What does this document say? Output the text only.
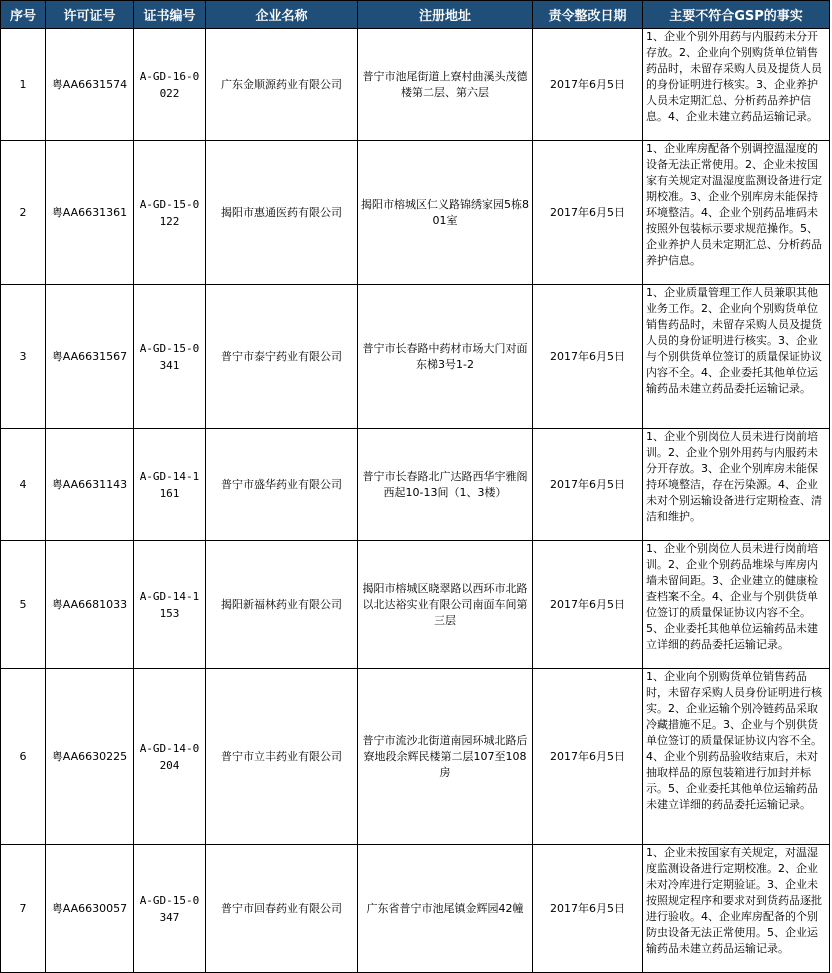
序号	许可证号	证书编号	企业名称	注册地址	责令整改日期	主要不符合GSP的事实
1	粤AA6631574	A-GD-16-0022	广东金顺源药业有限公司	普宁市池尾街道上寮村曲溪头茂德楼第二层、第六层	2017年6月5日	1、企业个别外用药与内服药未分开存放。2、企业向个别购货单位销售药品时，未留存采购人员及提货人员的身份证明进行核实。3、企业养护人员未定期汇总、分析药品养护信息。4、企业未建立药品运输记录。
2	粤AA6631361	A-GD-15-0122	揭阳市惠通医药有限公司	揭阳市榕城区仁义路锦绣家园5栋801室	2017年6月5日	1、企业库房配备个别调控温湿度的设备无法正常使用。2、企业未按国家有关规定对温湿度监测设备进行定期校准。3、企业个别库房未能保持环境整洁。4、企业个别药品堆码未按照外包装标示要求规范操作。5、企业养护人员未定期汇总、分析药品养护信息。
3	粤AA6631567	A-GD-15-0341	普宁市泰宁药业有限公司	普宁市长春路中药材市场大门对面东梯3号1-2	2017年6月5日	1、企业质量管理工作人员兼职其他业务工作。2、企业向个别购货单位销售药品时，未留存采购人员及提货人员的身份证明进行核实。3、企业与个别供货单位签订的质量保证协议内容不全。4、企业委托其他单位运输药品未建立药品委托运输记录。
4	粤AA6631143	A-GD-14-1161	普宁市盛华药业有限公司	普宁市长春路北广达路西华宇雅阁西起10-13间（1、3楼）	2017年6月5日	1、企业个别岗位人员未进行岗前培训。2、企业个别外用药与内服药未分开存放。3、企业个别库房未能保持环境整洁，存在污染源。4、企业未对个别运输设备进行定期检查、清洁和维护。
5	粤AA6681033	A-GD-14-1153	揭阳新福林药业有限公司	揭阳市榕城区晓翠路以西环市北路以北达裕实业有限公司南面车间第三层	2017年6月5日	1、企业个别岗位人员未进行岗前培训。2、企业个别药品堆垛与库房内墙未留间距。3、企业建立的健康检查档案不全。4、企业与个别供货单位签订的质量保证协议内容不全。5、企业委托其他单位运输药品未建立详细的药品委托运输记录。
6	粤AA6630225	A-GD-14-0204	普宁市立丰药业有限公司	普宁市流沙北街道南园环城北路后寮地段余辉民楼第二层107至108房	2017年6月5日	1、企业向个别购货单位销售药品时，未留存采购人员身份证明进行核实。2、企业运输个别冷链药品采取冷藏措施不足。3、企业与个别供货单位签订的质量保证协议内容不全。4、企业个别药品验收结束后，未对抽取样品的原包装箱进行加封并标示。5、企业委托其他单位运输药品未建立详细的药品委托运输记录。
7	粤AA6630057	A-GD-15-0347	普宁市回春药业有限公司	广东省普宁市池尾镇金辉园42幢	2017年6月5日	1、企业未按国家有关规定，对温湿度监测设备进行定期校准。2、企业未对冷库进行定期验证。3、企业未按照规定程序和要求对到货药品逐批进行验收。4、企业库房配备的个别防虫设备无法正常使用。5、企业运输药品未建立药品运输记录。
